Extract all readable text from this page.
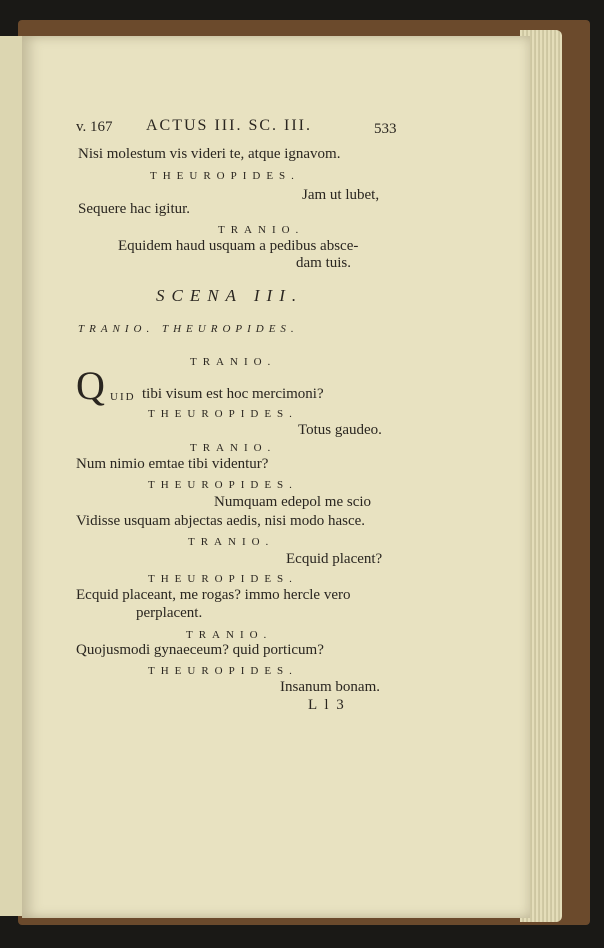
v. 167 ACTUS III. SC. III.	533
Nisi molestum vis videri te, atque ignavom.
THEUROPIDES.
Jam ut lubet,
Sequere hac igitur.
TRANIO.
Equidem haud usquam a pedibus absce-
dam tuis.
SCENA III.
TRANIO. THEUROPIDES.
TRANIO.
Q UID tibi visum est hoc mercimoni?
THEUROPIDES.
Totus gaudeo.
TRANIO.
Num nimio emtae tibi videntur?
THEUROPIDES.
Numquam edepol me scio
Vidisse usquam abjectas aedis, nisi modo hasce.
TRANIO.
Ecquid placent?
THEUROPIDES.
Ecquid placeant, me rogas? immo hercle vero
perplacent.
TRANIO.
Quojusmodi gynaeceum? quid porticum?
THEUROPIDES.
Insanum bonam.
L l 3
